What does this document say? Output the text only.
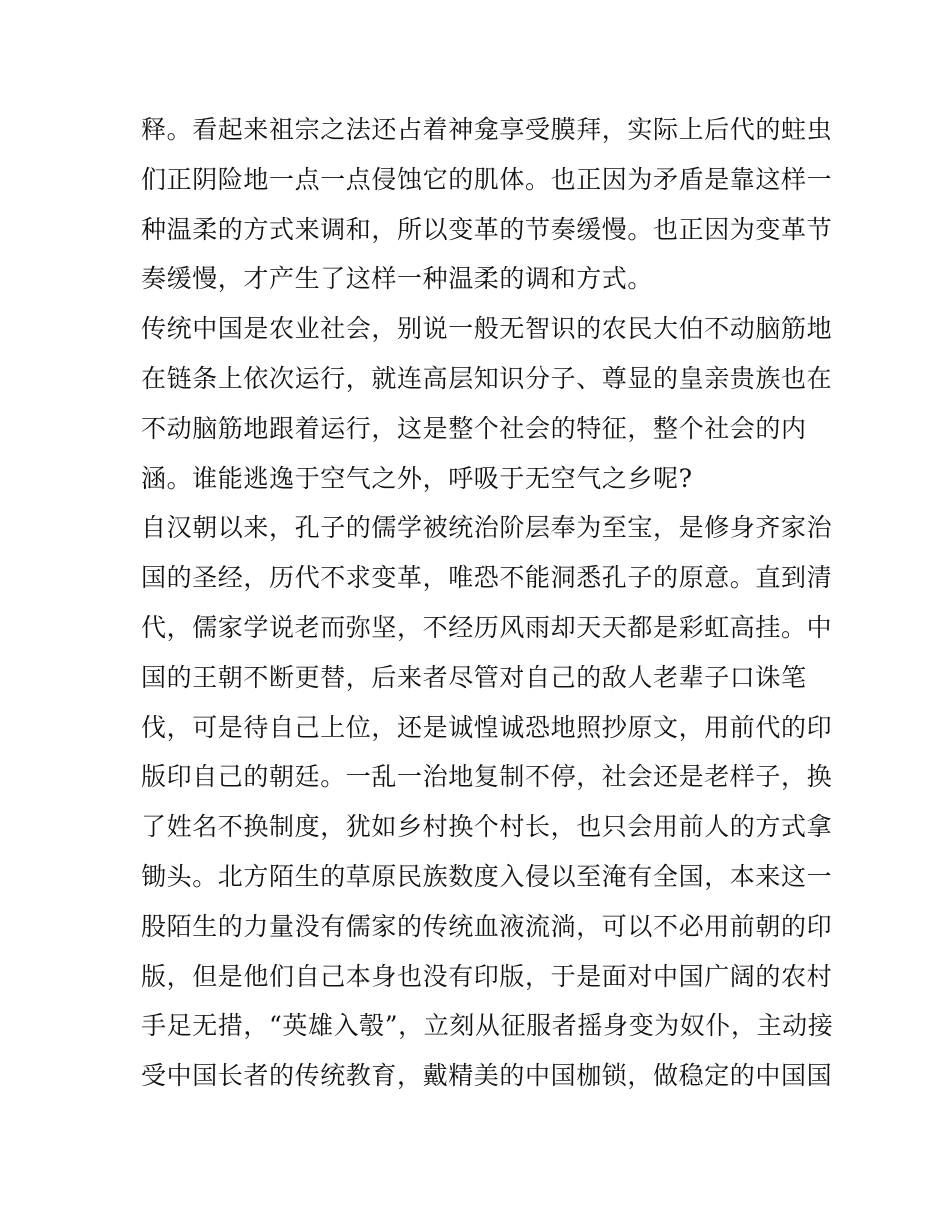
释。看起来祖宗之法还占着神龛享受膜拜，实际上后代的蛀虫
们正阴险地一点一点侵蚀它的肌体。也正因为矛盾是靠这样一
种温柔的方式来调和，所以变革的节奏缓慢。也正因为变革节
奏缓慢，才产生了这样一种温柔的调和方式。
传统中国是农业社会，别说一般无智识的农民大伯不动脑筋地
在链条上依次运行，就连高层知识分子、尊显的皇亲贵族也在
不动脑筋地跟着运行，这是整个社会的特征，整个社会的内
涵。谁能逃逸于空气之外，呼吸于无空气之乡呢?
自汉朝以来，孔子的儒学被统治阶层奉为至宝，是修身齐家治
国的圣经，历代不求变革，唯恐不能洞悉孔子的原意。直到清
代，儒家学说老而弥坚，不经历风雨却天天都是彩虹高挂。中
国的王朝不断更替，后来者尽管对自己的敌人老辈子口诛笔
伐，可是待自己上位，还是诚惶诚恐地照抄原文，用前代的印
版印自己的朝廷。一乱一治地复制不停，社会还是老样子，换
了姓名不换制度，犹如乡村换个村长，也只会用前人的方式拿
锄头。北方陌生的草原民族数度入侵以至淹有全国，本来这一
股陌生的力量没有儒家的传统血液流淌，可以不必用前朝的印
版，但是他们自己本身也没有印版，于是面对中国广阔的农村
手足无措，“英雄入彀”，立刻从征服者摇身变为奴仆，主动接
受中国长者的传统教育，戴精美的中国枷锁，做稳定的中国国
